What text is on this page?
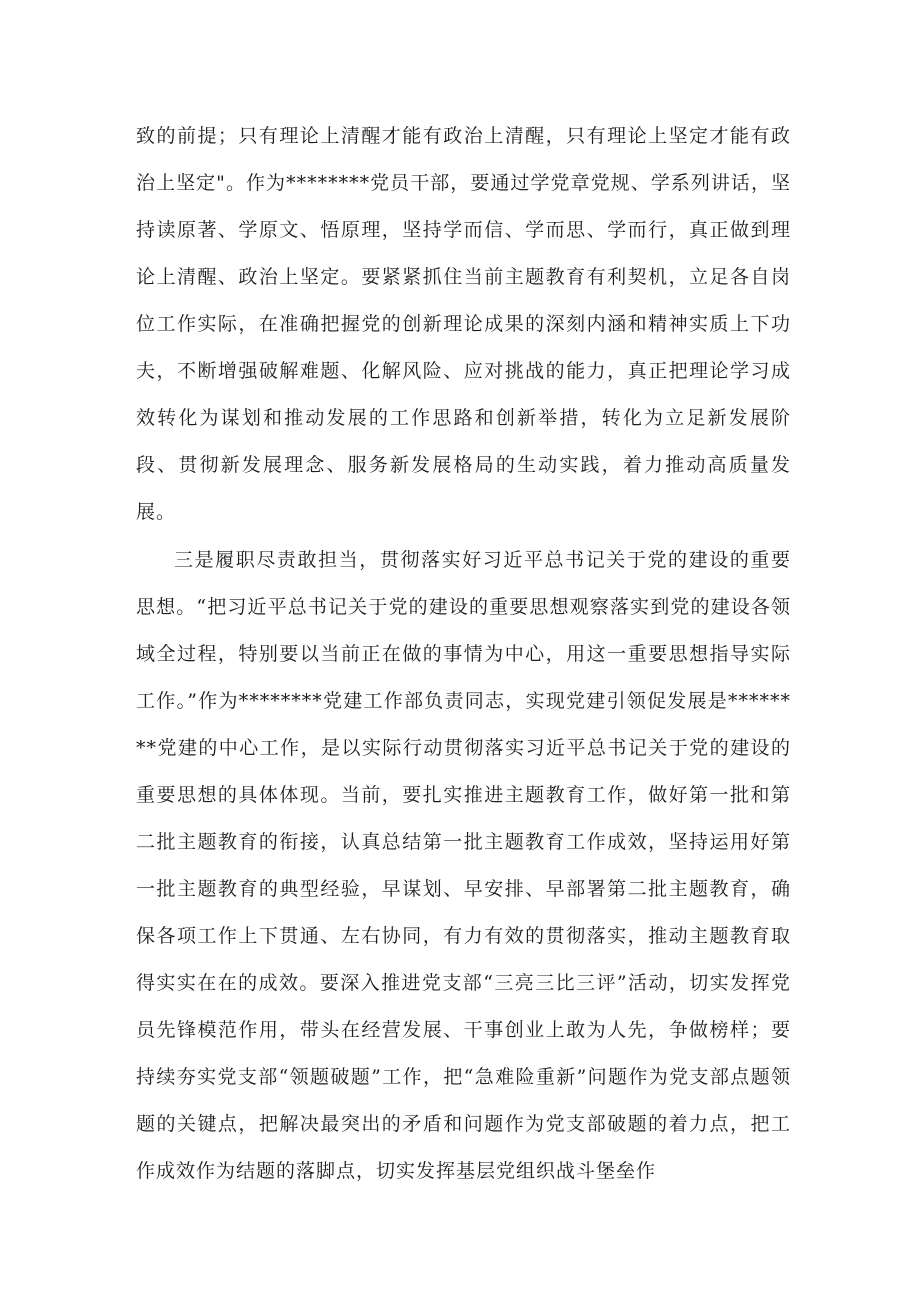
致的前提；只有理论上清醒才能有政治上清醒，只有理论上坚定才能有政治上坚定"。作为********党员干部，要通过学党章党规、学系列讲话，坚持读原著、学原文、悟原理，坚持学而信、学而思、学而行，真正做到理论上清醒、政治上坚定。要紧紧抓住当前主题教育有利契机，立足各自岗位工作实际，在准确把握党的创新理论成果的深刻内涵和精神实质上下功夫，不断增强破解难题、化解风险、应对挑战的能力，真正把理论学习成效转化为谋划和推动发展的工作思路和创新举措，转化为立足新发展阶段、贯彻新发展理念、服务新发展格局的生动实践，着力推动高质量发展。

三是履职尽责敢担当，贯彻落实好习近平总书记关于党的建设的重要思想。“把习近平总书记关于党的建设的重要思想观察落实到党的建设各领域全过程，特别要以当前正在做的事情为中心，用这一重要思想指导实际工作。”作为********党建工作部负责同志，实现党建引领促发展是********党建的中心工作，是以实际行动贯彻落实习近平总书记关于党的建设的重要思想的具体体现。当前，要扎实推进主题教育工作，做好第一批和第二批主题教育的衔接，认真总结第一批主题教育工作成效，坚持运用好第一批主题教育的典型经验，早谋划、早安排、早部署第二批主题教育，确保各项工作上下贯通、左右协同，有力有效的贯彻落实，推动主题教育取得实实在在的成效。要深入推进党支部“三亮三比三评”活动，切实发挥党员先锋模范作用，带头在经营发展、干事创业上敢为人先，争做榜样；要持续夯实党支部“领题破题”工作，把“急难险重新”问题作为党支部点题领题的关键点，把解决最突出的矛盾和问题作为党支部破题的着力点，把工作成效作为结题的落脚点，切实发挥基层党组织战斗堡垒作
